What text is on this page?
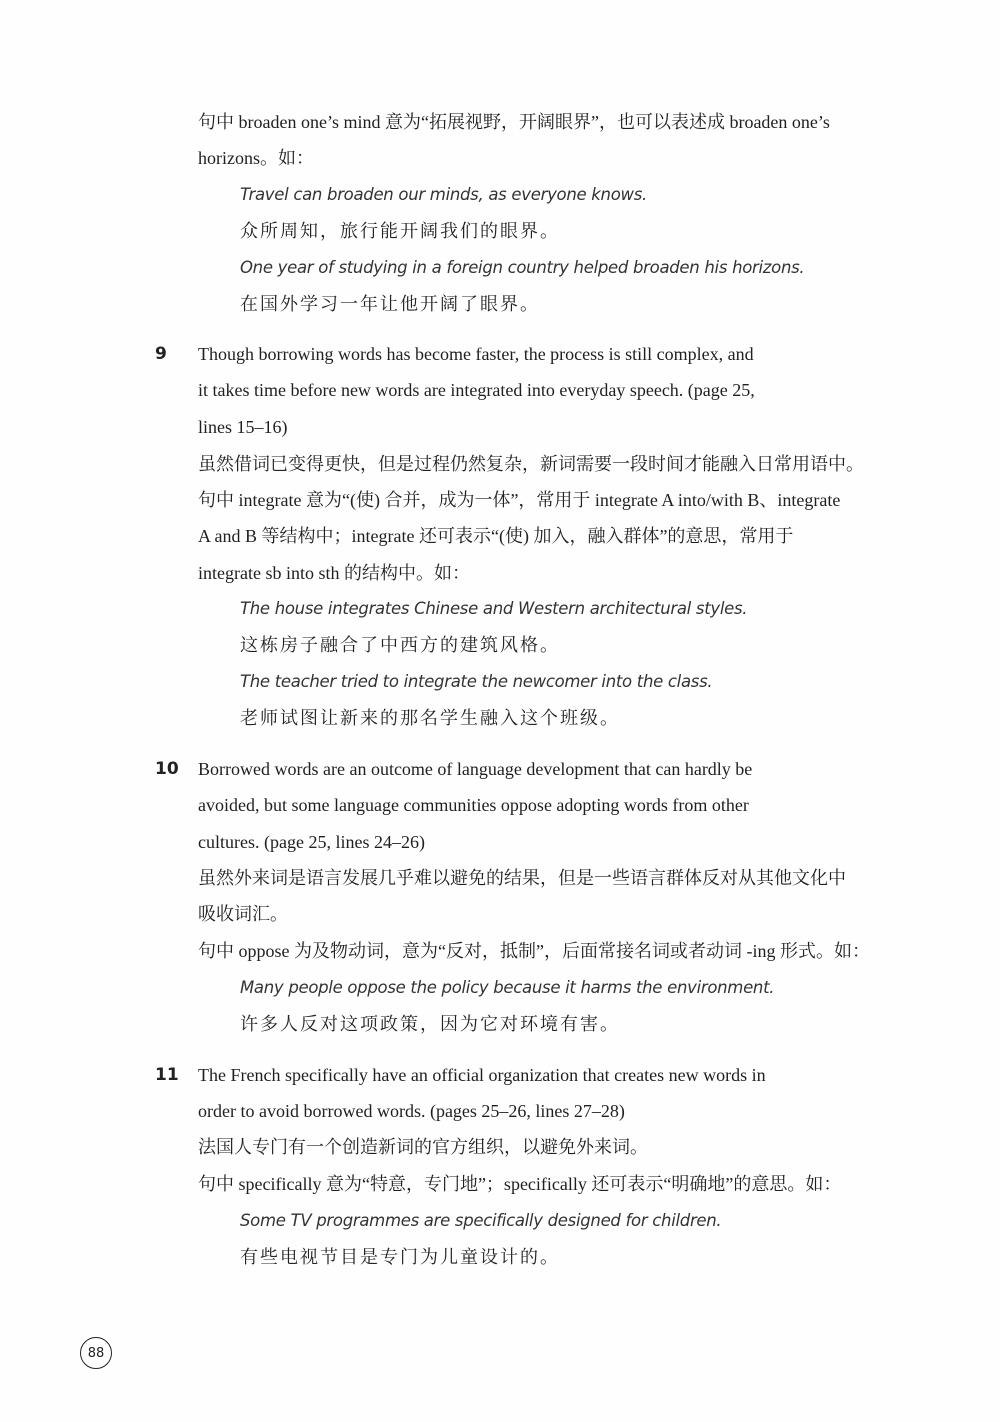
句中 broaden one’s mind 意为“拓展视野，开阔眼界”，也可以表述成 broaden one’s
horizons。如：
Travel can broaden our minds, as everyone knows.
众所周知，旅行能开阔我们的眼界。
One year of studying in a foreign country helped broaden his horizons.
在国外学习一年让他开阔了眼界。
9 Though borrowing words has become faster, the process is still complex, and
it takes time before new words are integrated into everyday speech. (page 25,
lines 15–16)
虽然借词已变得更快，但是过程仍然复杂，新词需要一段时间才能融入日常用语中。
句中 integrate 意为“(使) 合并，成为一体”，常用于 integrate A into/with B、integrate
A and B 等结构中；integrate 还可表示“(使) 加入，融入群体”的意思，常用于
integrate sb into sth 的结构中。如：
The house integrates Chinese and Western architectural styles.
这栋房子融合了中西方的建筑风格。
The teacher tried to integrate the newcomer into the class.
老师试图让新来的那名学生融入这个班级。
10 Borrowed words are an outcome of language development that can hardly be
avoided, but some language communities oppose adopting words from other
cultures. (page 25, lines 24–26)
虽然外来词是语言发展几乎难以避免的结果，但是一些语言群体反对从其他文化中
吸收词汇。
句中 oppose 为及物动词，意为“反对，抵制”，后面常接名词或者动词 -ing 形式。如：
Many people oppose the policy because it harms the environment.
许多人反对这项政策，因为它对环境有害。
11 The French specifically have an official organization that creates new words in
order to avoid borrowed words. (pages 25–26, lines 27–28)
法国人专门有一个创造新词的官方组织，以避免外来词。
句中 specifically 意为“特意，专门地”；specifically 还可表示“明确地”的意思。如：
Some TV programmes are specifically designed for children.
有些电视节目是专门为儿童设计的。
88
